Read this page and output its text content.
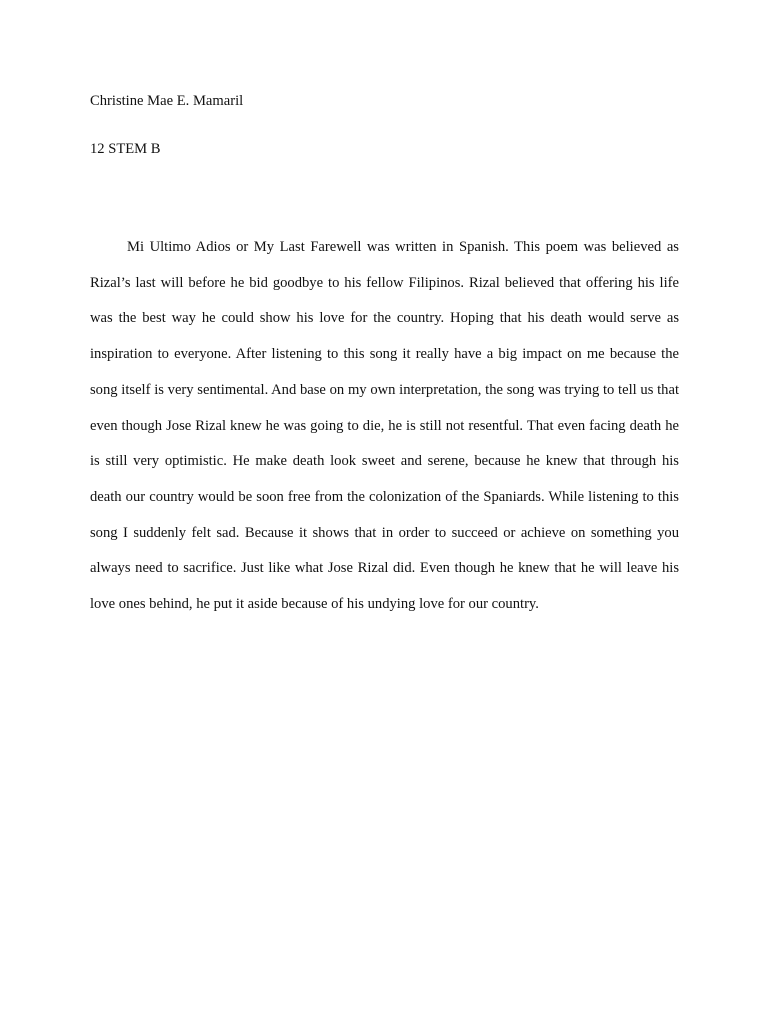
Christine Mae E. Mamaril

12 STEM B

Mi Ultimo Adios or My Last Farewell was written in Spanish. This poem was believed as Rizal’s last will before he bid goodbye to his fellow Filipinos. Rizal believed that offering his life was the best way he could show his love for the country. Hoping that his death would serve as inspiration to everyone. After listening to this song it really have a big impact on me because the song itself is very sentimental. And base on my own interpretation, the song was trying to tell us that even though Jose Rizal knew he was going to die, he is still not resentful. That even facing death he is still very optimistic. He make death look sweet and serene, because he knew that through his death our country would be soon free from the colonization of the Spaniards. While listening to this song I suddenly felt sad. Because it shows that in order to succeed or achieve on something you always need to sacrifice. Just like what Jose Rizal did. Even though he knew that he will leave his love ones behind, he put it aside because of his undying love for our country.
